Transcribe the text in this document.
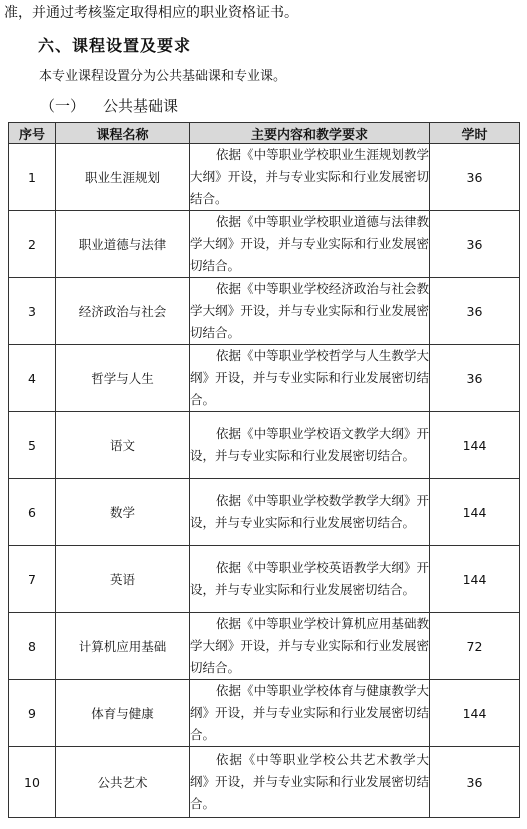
准，并通过考核鉴定取得相应的职业资格证书。
六、课程设置及要求
本专业课程设置分为公共基础课和专业课。
（一） 公共基础课
序号	课程名称	主要内容和教学要求	学时
1	职业生涯规划	依据《中等职业学校职业生涯规划教学大纲》开设，并与专业实际和行业发展密切结合。	36
2	职业道德与法律	依据《中等职业学校职业道德与法律教学大纲》开设，并与专业实际和行业发展密切结合。	36
3	经济政治与社会	依据《中等职业学校经济政治与社会教学大纲》开设，并与专业实际和行业发展密切结合。	36
4	哲学与人生	依据《中等职业学校哲学与人生教学大纲》开设，并与专业实际和行业发展密切结合。	36
5	语文	依据《中等职业学校语文教学大纲》开设，并与专业实际和行业发展密切结合。	144
6	数学	依据《中等职业学校数学教学大纲》开设，并与专业实际和行业发展密切结合。	144
7	英语	依据《中等职业学校英语教学大纲》开设，并与专业实际和行业发展密切结合。	144
8	计算机应用基础	依据《中等职业学校计算机应用基础教学大纲》开设，并与专业实际和行业发展密切结合。	72
9	体育与健康	依据《中等职业学校体育与健康教学大纲》开设，并与专业实际和行业发展密切结合。	144
10	公共艺术	依据《中等职业学校公共艺术教学大纲》开设，并与专业实际和行业发展密切结合。	36
